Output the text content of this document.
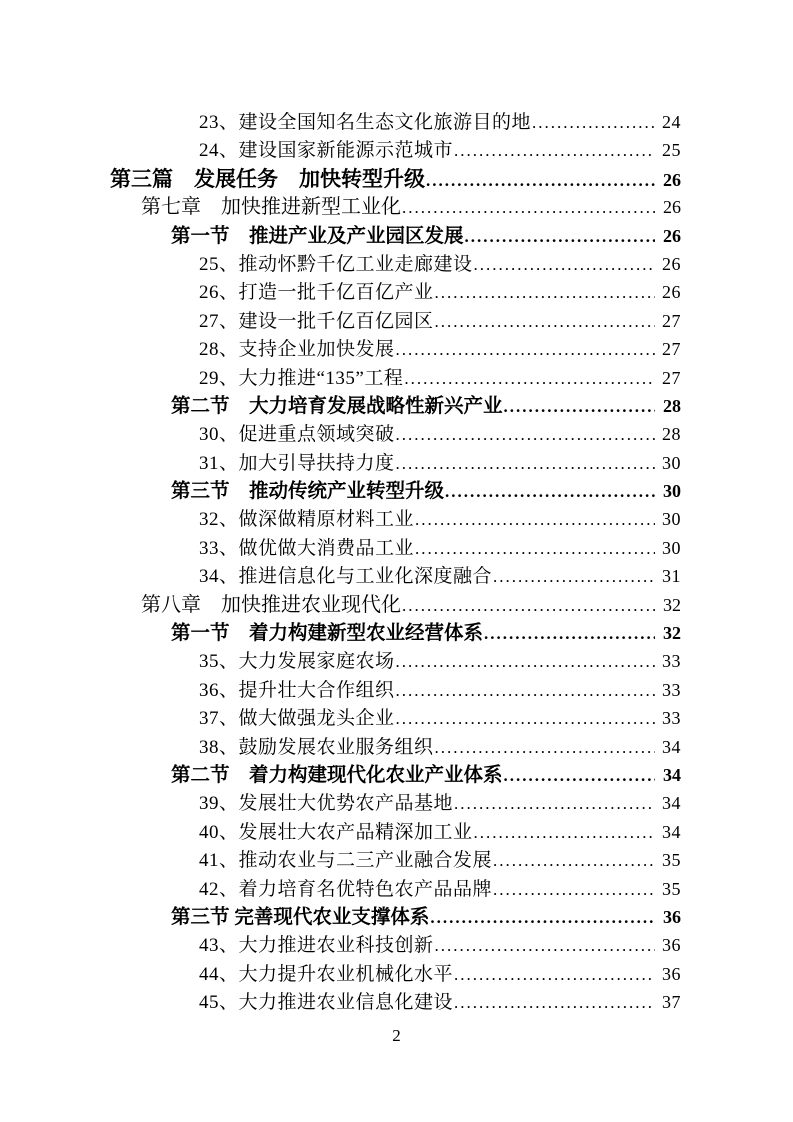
23、建设全国知名生态文化旅游目的地 .....	24
24、建设国家新能源示范城市 .....	25
第三篇　发展任务　加快转型升级 .....	26
第七章　加快推进新型工业化 .....	26
第一节　推进产业及产业园区发展 .....	26
25、推动怀黔千亿工业走廊建设 .....	26
26、打造一批千亿百亿产业 .....	26
27、建设一批千亿百亿园区 .....	27
28、支持企业加快发展 .....	27
29、大力推进“135”工程 .....	27
第二节　大力培育发展战略性新兴产业 .....	28
30、促进重点领域突破 .....	28
31、加大引导扶持力度 .....	30
第三节　推动传统产业转型升级 .....	30
32、做深做精原材料工业 .....	30
33、做优做大消费品工业 .....	30
34、推进信息化与工业化深度融合 .....	31
第八章　加快推进农业现代化 .....	32
第一节　着力构建新型农业经营体系 .....	32
35、大力发展家庭农场 .....	33
36、提升壮大合作组织 .....	33
37、做大做强龙头企业 .....	33
38、鼓励发展农业服务组织 .....	34
第二节　着力构建现代化农业产业体系 .....	34
39、发展壮大优势农产品基地 .....	34
40、发展壮大农产品精深加工业 .....	34
41、推动农业与二三产业融合发展 .....	35
42、着力培育名优特色农产品品牌 .....	35
第三节 完善现代农业支撑体系 .....	36
43、大力推进农业科技创新 .....	36
44、大力提升农业机械化水平 .....	36
45、大力推进农业信息化建设 .....	37
2
